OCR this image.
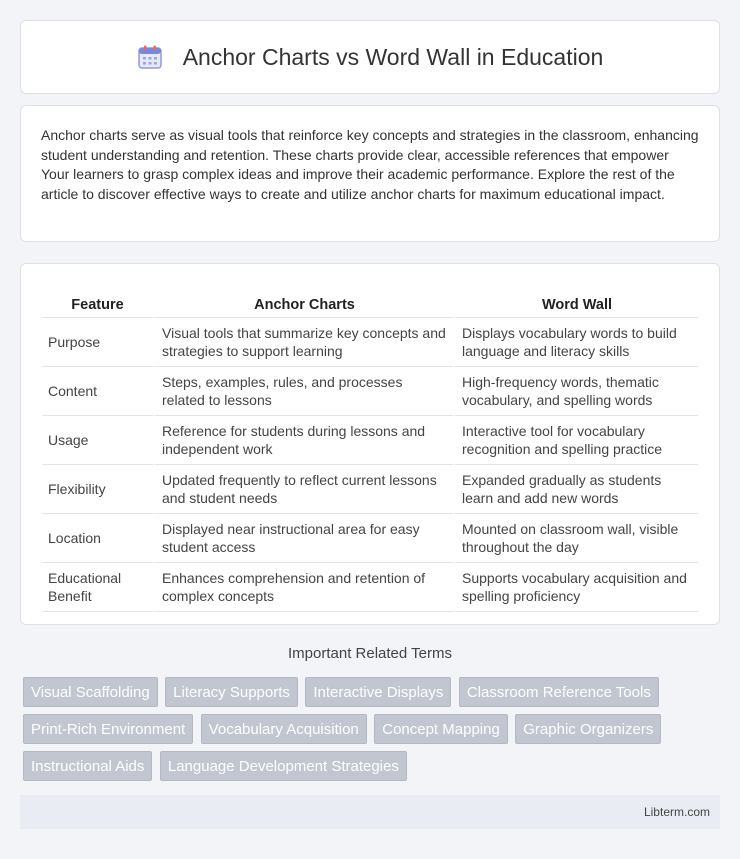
Anchor Charts vs Word Wall in Education

Anchor charts serve as visual tools that reinforce key concepts and strategies in the classroom, enhancing student understanding and retention. These charts provide clear, accessible references that empower Your learners to grasp complex ideas and improve their academic performance. Explore the rest of the article to discover effective ways to create and utilize anchor charts for maximum educational impact.

Feature	Anchor Charts	Word Wall
Purpose	Visual tools that summarize key concepts and strategies to support learning	Displays vocabulary words to build language and literacy skills
Content	Steps, examples, rules, and processes related to lessons	High-frequency words, thematic vocabulary, and spelling words
Usage	Reference for students during lessons and independent work	Interactive tool for vocabulary recognition and spelling practice
Flexibility	Updated frequently to reflect current lessons and student needs	Expanded gradually as students learn and add new words
Location	Displayed near instructional area for easy student access	Mounted on classroom wall, visible throughout the day
Educational Benefit	Enhances comprehension and retention of complex concepts	Supports vocabulary acquisition and spelling proficiency
Important Related Terms
Visual Scaffolding Literacy Supports Interactive Displays Classroom Reference Tools Print-Rich Environment Vocabulary Acquisition Concept Mapping Graphic Organizers Instructional Aids Language Development Strategies
Libterm.com
